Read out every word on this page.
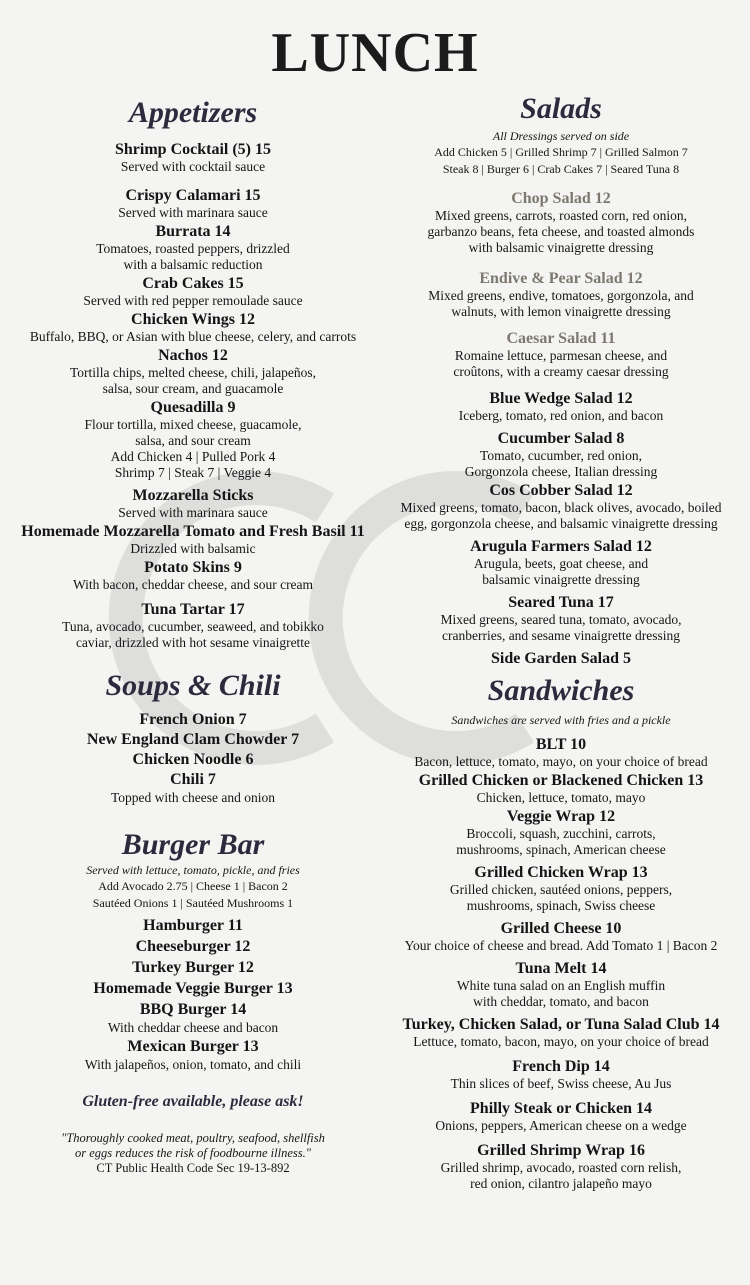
LUNCH
Appetizers
Shrimp Cocktail (5) 15
Served with cocktail sauce
Crispy Calamari 15
Served with marinara sauce
Burrata 14
Tomatoes, roasted peppers, drizzled
with a balsamic reduction
Crab Cakes 15
Served with red pepper remoulade sauce
Chicken Wings 12
Buffalo, BBQ, or Asian with blue cheese, celery, and carrots
Nachos 12
Tortilla chips, melted cheese, chili, jalapeños,
salsa, sour cream, and guacamole
Quesadilla 9
Flour tortilla, mixed cheese, guacamole,
salsa, and sour cream
Add Chicken 4 | Pulled Pork 4
Shrimp 7 | Steak 7 | Veggie 4
Mozzarella Sticks
Served with marinara sauce
Homemade Mozzarella Tomato and Fresh Basil 11
Drizzled with balsamic
Potato Skins 9
With bacon, cheddar cheese, and sour cream
Tuna Tartar 17
Tuna, avocado, cucumber, seaweed, and tobikko
caviar, drizzled with hot sesame vinaigrette
Soups & Chili
French Onion 7
New England Clam Chowder 7
Chicken Noodle 6
Chili 7
Topped with cheese and onion
Burger Bar
Served with lettuce, tomato, pickle, and fries
Add Avocado 2.75 | Cheese 1 | Bacon 2
Sautéed Onions 1 | Sautéed Mushrooms 1
Hamburger 11
Cheeseburger 12
Turkey Burger 12
Homemade Veggie Burger 13
BBQ Burger 14
With cheddar cheese and bacon
Mexican Burger 13
With jalapeños, onion, tomato, and chili
Gluten-free available, please ask!
"Thoroughly cooked meat, poultry, seafood, shellfish
or eggs reduces the risk of foodbourne illness."
CT Public Health Code Sec 19-13-892
Salads
All Dressings served on side
Add Chicken 5 | Grilled Shrimp 7 | Grilled Salmon 7
Steak 8 | Burger 6 | Crab Cakes 7 | Seared Tuna 8
Chop Salad 12
Mixed greens, carrots, roasted corn, red onion,
garbanzo beans, feta cheese, and toasted almonds
with balsamic vinaigrette dressing
Endive & Pear Salad 12
Mixed greens, endive, tomatoes, gorgonzola, and
walnuts, with lemon vinaigrette dressing
Caesar Salad 11
Romaine lettuce, parmesan cheese, and
croûtons, with a creamy caesar dressing
Blue Wedge Salad 12
Iceberg, tomato, red onion, and bacon
Cucumber Salad 8
Tomato, cucumber, red onion,
Gorgonzola cheese, Italian dressing
Cos Cobber Salad 12
Mixed greens, tomato, bacon, black olives, avocado, boiled
egg, gorgonzola cheese, and balsamic vinaigrette dressing
Arugula Farmers Salad 12
Arugula, beets, goat cheese, and
balsamic vinaigrette dressing
Seared Tuna 17
Mixed greens, seared tuna, tomato, avocado,
cranberries, and sesame vinaigrette dressing
Side Garden Salad 5
Sandwiches
Sandwiches are served with fries and a pickle
BLT 10
Bacon, lettuce, tomato, mayo, on your choice of bread
Grilled Chicken or Blackened Chicken 13
Chicken, lettuce, tomato, mayo
Veggie Wrap 12
Broccoli, squash, zucchini, carrots,
mushrooms, spinach, American cheese
Grilled Chicken Wrap 13
Grilled chicken, sautéed onions, peppers,
mushrooms, spinach, Swiss cheese
Grilled Cheese 10
Your choice of cheese and bread. Add Tomato 1 | Bacon 2
Tuna Melt 14
White tuna salad on an English muffin
with cheddar, tomato, and bacon
Turkey, Chicken Salad, or Tuna Salad Club 14
Lettuce, tomato, bacon, mayo, on your choice of bread
French Dip 14
Thin slices of beef, Swiss cheese, Au Jus
Philly Steak or Chicken 14
Onions, peppers, American cheese on a wedge
Grilled Shrimp Wrap 16
Grilled shrimp, avocado, roasted corn relish,
red onion, cilantro jalapeño mayo
